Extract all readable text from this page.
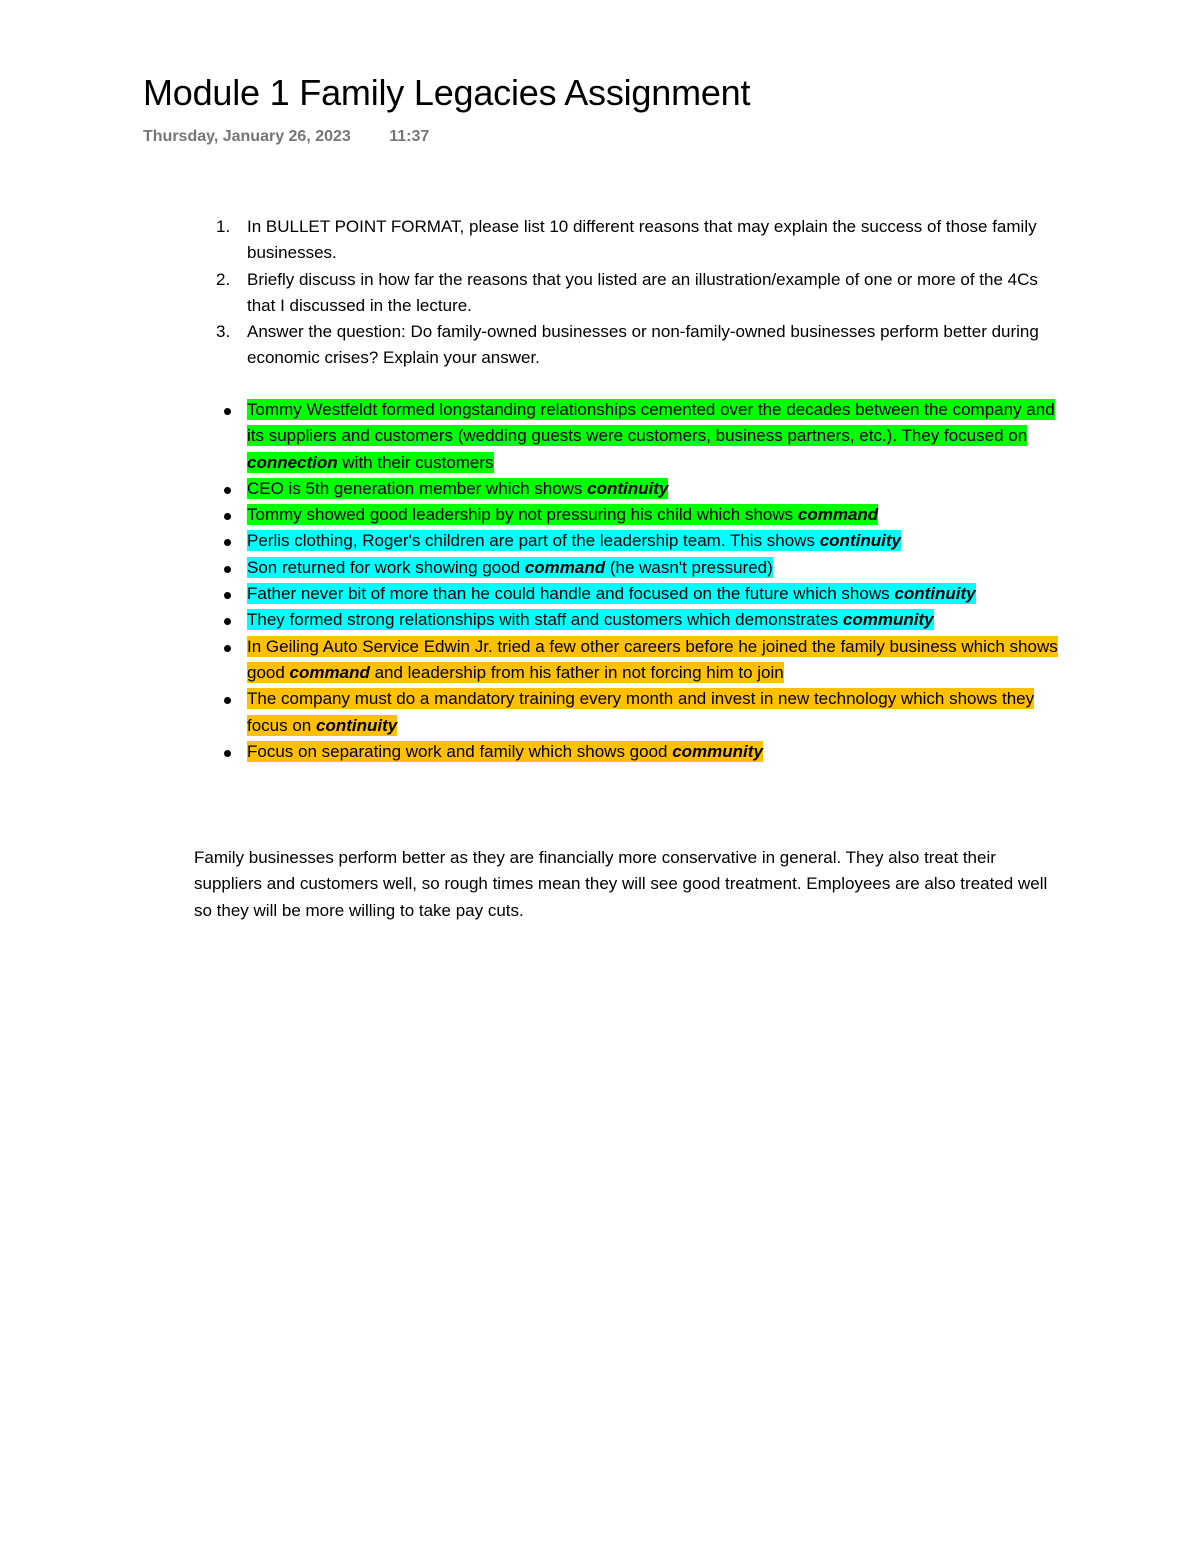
Module 1 Family Legacies Assignment
Thursday, January 26, 2023 11:37
1. In BULLET POINT FORMAT, please list 10 different reasons that may explain the success of those family businesses.
2. Briefly discuss in how far the reasons that you listed are an illustration/example of one or more of the 4Cs that I discussed in the lecture.
3. Answer the question: Do family-owned businesses or non-family-owned businesses perform better during economic crises? Explain your answer.
Tommy Westfeldt formed longstanding relationships cemented over the decades between the company and its suppliers and customers (wedding guests were customers, business partners, etc.). They focused on connection with their customers
CEO is 5th generation member which shows continuity
Tommy showed good leadership by not pressuring his child which shows command
Perlis clothing, Roger's children are part of the leadership team. This shows continuity
Son returned for work showing good command (he wasn't pressured)
Father never bit of more than he could handle and focused on the future which shows continuity
They formed strong relationships with staff and customers which demonstrates community
In Geiling Auto Service Edwin Jr. tried a few other careers before he joined the family business which shows good command and leadership from his father in not forcing him to join
The company must do a mandatory training every month and invest in new technology which shows they focus on continuity
Focus on separating work and family which shows good community

Family businesses perform better as they are financially more conservative in general. They also treat their suppliers and customers well, so rough times mean they will see good treatment. Employees are also treated well so they will be more willing to take pay cuts.
